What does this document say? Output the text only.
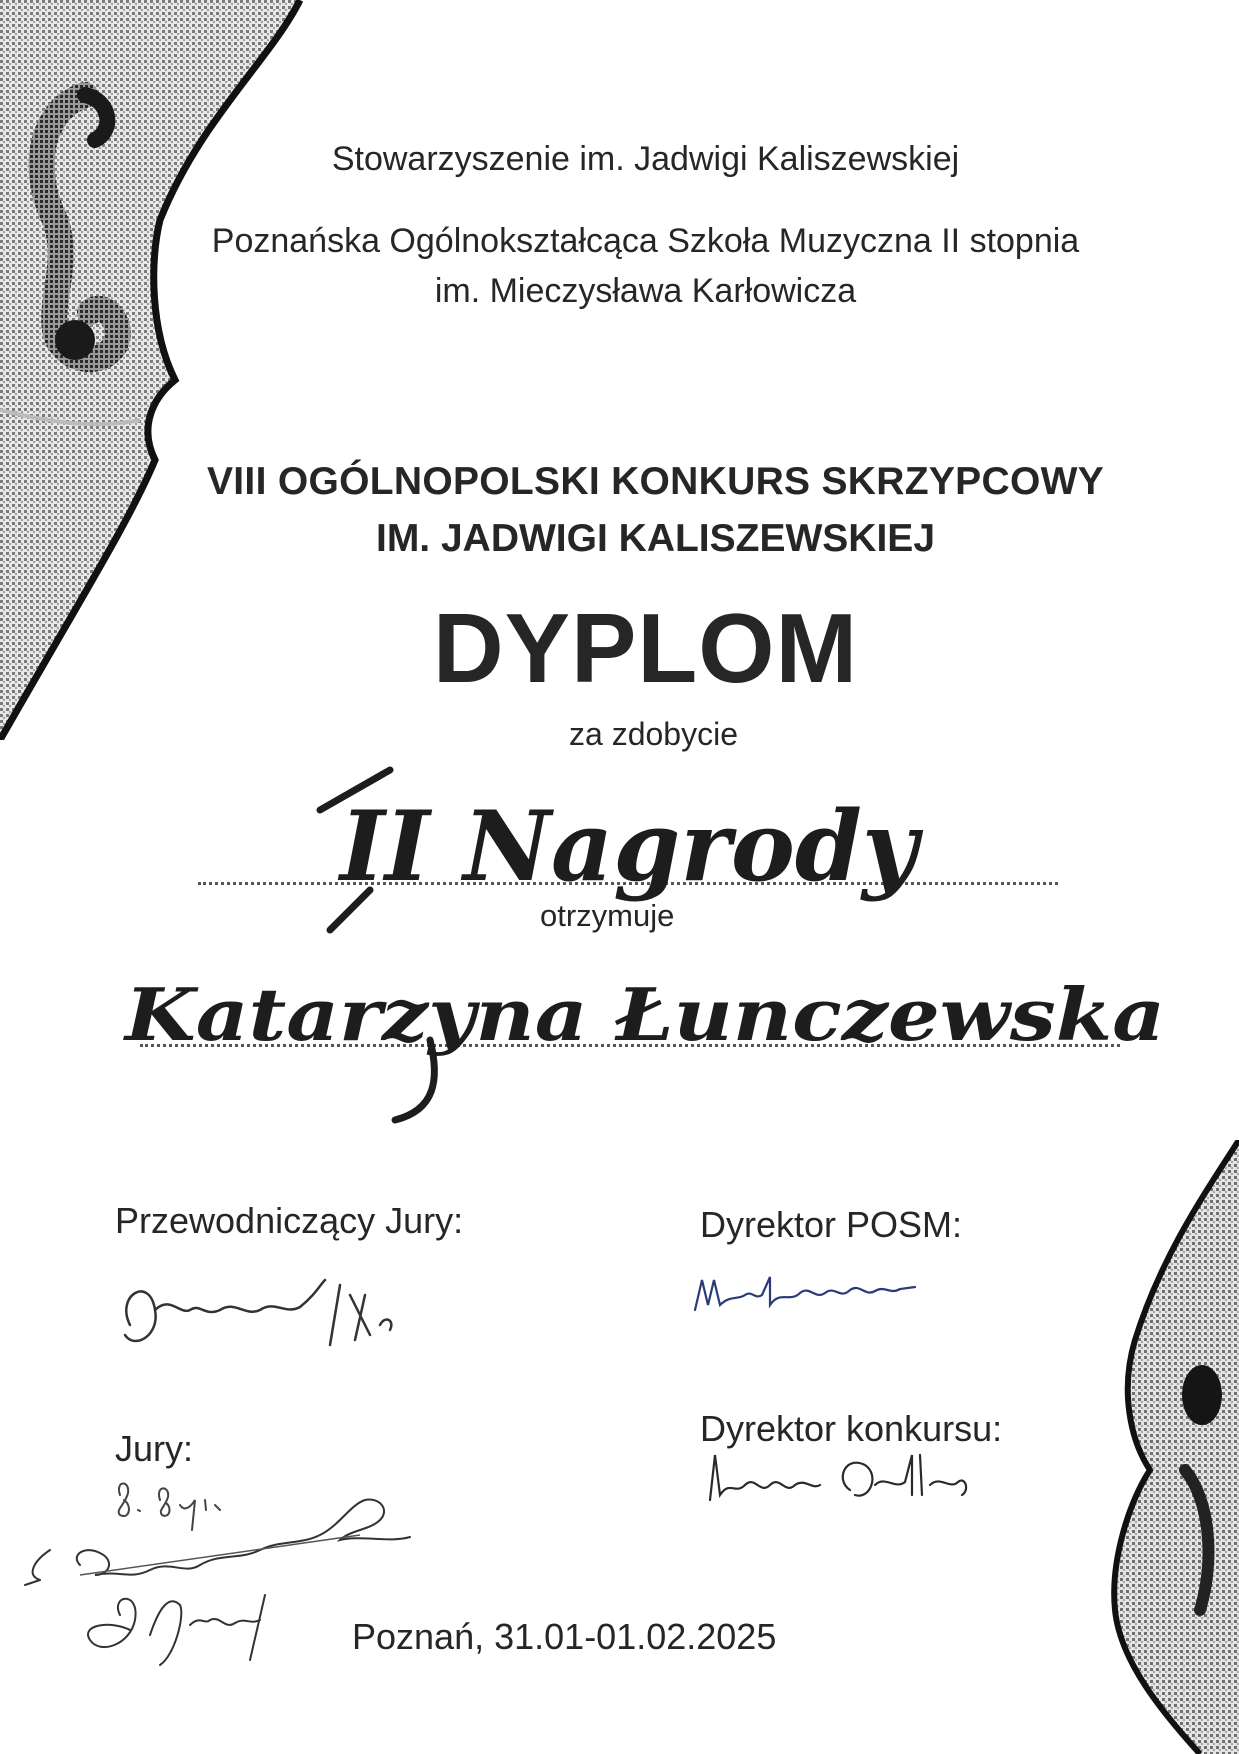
Stowarzyszenie im. Jadwigi Kaliszewskiej
Poznańska Ogólnokształcąca Szkoła Muzyczna II stopnia
im. Mieczysława Karłowicza
VIII OGÓLNOPOLSKI KONKURS SKRZYPCOWY
IM. JADWIGI KALISZEWSKIEJ
DYPLOM
za zdobycie
II Nagrody
otrzymuje
Katarzyna Łunczewska
Przewodniczący Jury:	Dyrektor POSM:
Jury:	Dyrektor konkursu:
Poznań, 31.01-01.02.2025
